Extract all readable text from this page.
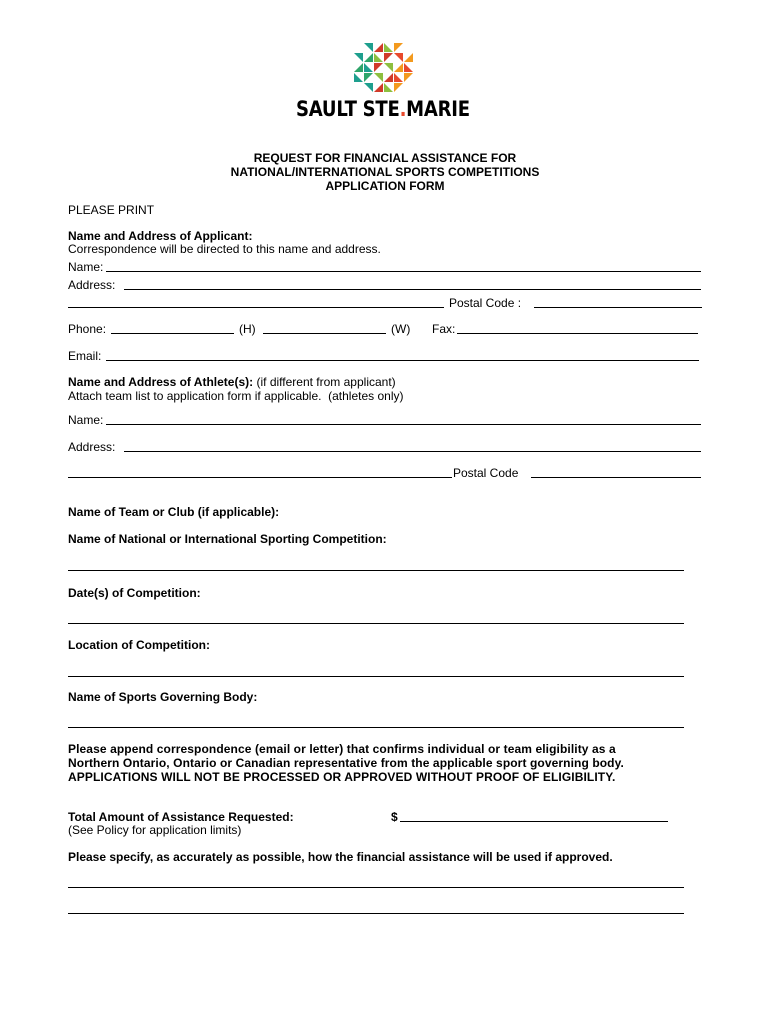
SAULT STE.MARIE
REQUEST FOR FINANCIAL ASSISTANCE FOR
NATIONAL/INTERNATIONAL SPORTS COMPETITIONS
APPLICATION FORM
PLEASE PRINT
Name and Address of Applicant:
Correspondence will be directed to this name and address.
Name:
Address:
Postal Code :
Phone:	(H)	(W) Fax:
Email:
Name and Address of Athlete(s): (if different from applicant)
Attach team list to application form if applicable.  (athletes only)
Name:
Address:
Postal Code
Name of Team or Club (if applicable):
Name of National or International Sporting Competition:
Date(s) of Competition:
Location of Competition:
Name of Sports Governing Body:
Please append correspondence (email or letter) that confirms individual or team eligibility as a
Northern Ontario, Ontario or Canadian representative from the applicable sport governing body.
APPLICATIONS WILL NOT BE PROCESSED OR APPROVED WITHOUT PROOF OF ELIGIBILITY.
Total Amount of Assistance Requested:	$
(See Policy for application limits)
Please specify, as accurately as possible, how the financial assistance will be used if approved.
